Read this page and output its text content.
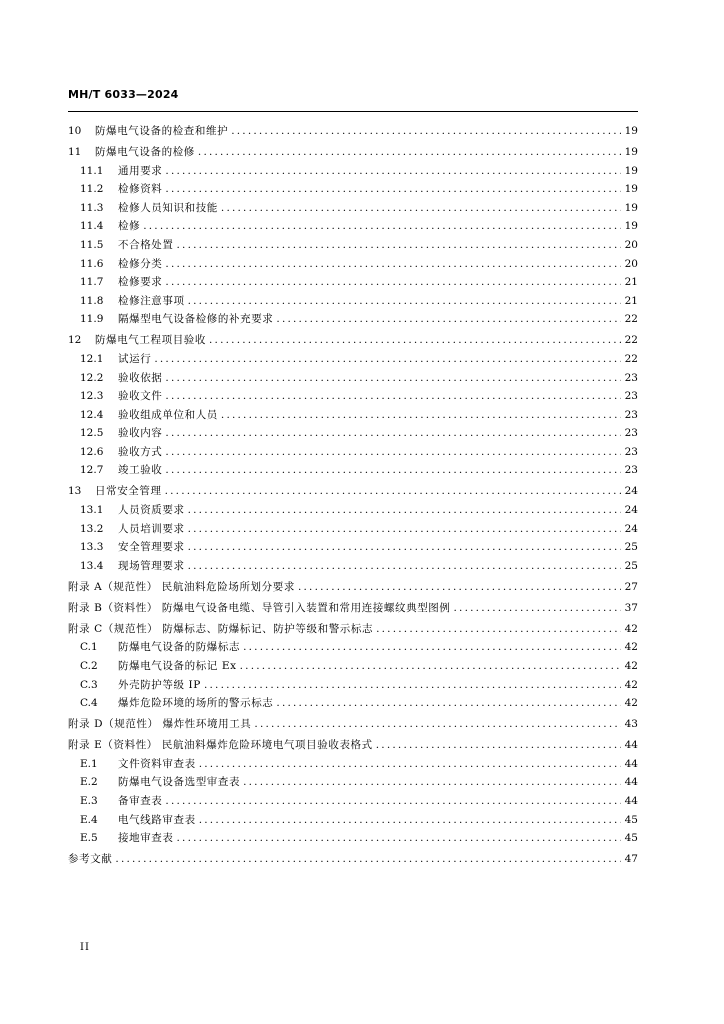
MH/T 6033—2024
10	防爆电气设备的检查和维护 .....	19
11	防爆电气设备的检修 .....	19
11.1	通用要求 .....	19
11.2	检修资料 .....	19
11.3	检修人员知识和技能 .....	19
11.4	检修 .....	19
11.5	不合格处置 .....	20
11.6	检修分类 .....	20
11.7	检修要求 .....	21
11.8	检修注意事项 .....	21
11.9	隔爆型电气设备检修的补充要求 .....	22
12	防爆电气工程项目验收 .....	22
12.1	试运行 .....	22
12.2	验收依据 .....	23
12.3	验收文件 .....	23
12.4	验收组成单位和人员 .....	23
12.5	验收内容 .....	23
12.6	验收方式 .....	23
12.7	竣工验收 .....	23
13	日常安全管理 .....	24
13.1	人员资质要求 .....	24
13.2	人员培训要求 .....	24
13.3	安全管理要求 .....	25
13.4	现场管理要求 .....	25
附录 A（规范性） 民航油料危险场所划分要求 .....	27
附录 B（资料性） 防爆电气设备电缆、导管引入装置和常用连接螺纹典型图例 .....	37
附录 C（规范性） 防爆标志、防爆标记、防护等级和警示标志 .....	42
C.1	防爆电气设备的防爆标志 .....	42
C.2	防爆电气设备的标记 Ex .....	42
C.3	外壳防护等级 IP .....	42
C.4	爆炸危险环境的场所的警示标志 .....	42
附录 D（规范性） 爆炸性环境用工具 .....	43
附录 E（资料性） 民航油料爆炸危险环境电气项目验收表格式 .....	44
E.1	文件资料审查表 .....	44
E.2	防爆电气设备选型审查表 .....	44
E.3	备审查表 .....	44
E.4	电气线路审查表 .....	45
E.5	接地审查表 .....	45
参考文献 .....	47
II
